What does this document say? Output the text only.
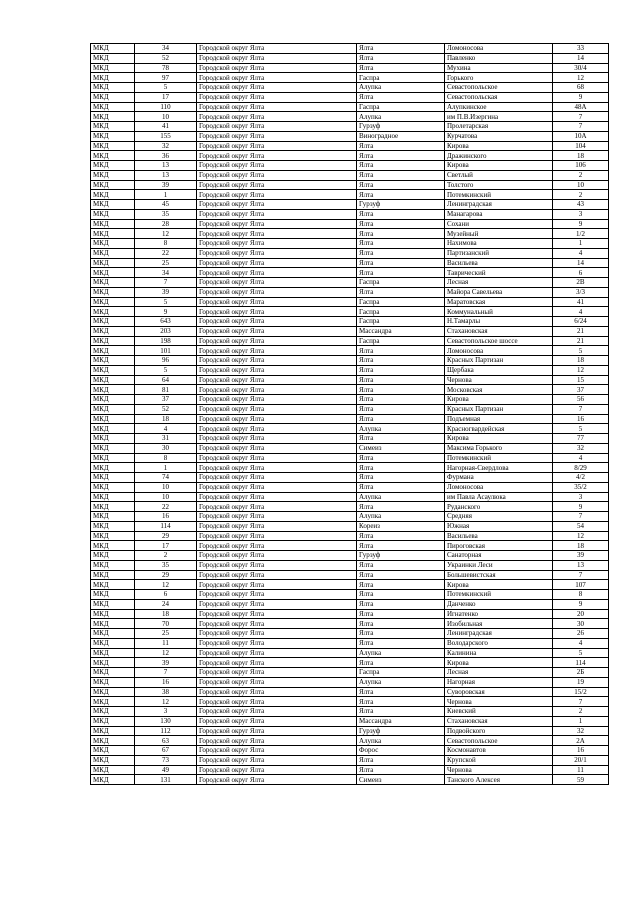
МКД	34	Городской округ Ялта	Ялта	Ломоносова	33
МКД	52	Городской округ Ялта	Ялта	Павленко	14
МКД	78	Городской округ Ялта	Ялта	Мухина	30/4
МКД	97	Городской округ Ялта	Гаспра	Горького	12
МКД	5	Городской округ Ялта	Алупка	Севастопольское	68
МКД	17	Городской округ Ялта	Ялта	Севастопольская	9
МКД	110	Городской округ Ялта	Гаспра	Алупкинское	48А
МКД	10	Городской округ Ялта	Алупка	им П.В.Изергина	7
МКД	41	Городской округ Ялта	Гурзуф	Пролетарская	7
МКД	155	Городской округ Ялта	Виноградное	Курчатова	10А
МКД	32	Городской округ Ялта	Ялта	Кирова	104
МКД	36	Городской округ Ялта	Ялта	Дражинского	18
МКД	13	Городской округ Ялта	Ялта	Кирова	106
МКД	13	Городской округ Ялта	Ялта	Светлый	2
МКД	39	Городской округ Ялта	Ялта	Толстого	10
МКД	1	Городской округ Ялта	Ялта	Потемкинский	2
МКД	45	Городской округ Ялта	Гурзуф	Ленинградская	43
МКД	35	Городской округ Ялта	Ялта	Манагарова	3
МКД	28	Городской округ Ялта	Ялта	Сохани	9
МКД	12	Городской округ Ялта	Ялта	Музейный	1/2
МКД	8	Городской округ Ялта	Ялта	Нахимова	1
МКД	22	Городской округ Ялта	Ялта	Партизанский	4
МКД	25	Городской округ Ялта	Ялта	Васильева	14
МКД	34	Городской округ Ялта	Ялта	Таврический	6
МКД	7	Городской округ Ялта	Гаспра	Лесная	2В
МКД	39	Городской округ Ялта	Ялта	Майора Савельева	3/3
МКД	5	Городской округ Ялта	Гаспра	Маратовская	41
МКД	9	Городской округ Ялта	Гаспра	Коммунальный	4
МКД	643	Городской округ Ялта	Гаспра	Н.Тамарлы	6/24
МКД	203	Городской округ Ялта	Массандра	Стахановская	21
МКД	198	Городской округ Ялта	Гаспра	Севастопольское шоссе	21
МКД	101	Городской округ Ялта	Ялта	Ломоносова	5
МКД	96	Городской округ Ялта	Ялта	Красных Партизан	18
МКД	5	Городской округ Ялта	Ялта	Щербака	12
МКД	64	Городской округ Ялта	Ялта	Чернова	15
МКД	81	Городской округ Ялта	Ялта	Московская	37
МКД	37	Городской округ Ялта	Ялта	Кирова	56
МКД	52	Городской округ Ялта	Ялта	Красных Партизан	7
МКД	18	Городской округ Ялта	Ялта	Подъемная	16
МКД	4	Городской округ Ялта	Алупка	Красногвардейская	5
МКД	31	Городской округ Ялта	Ялта	Кирова	77
МКД	30	Городской округ Ялта	Симеиз	Максима Горького	32
МКД	8	Городской округ Ялта	Ялта	Потемкинский	4
МКД	1	Городской округ Ялта	Ялта	Нагорная-Свердлова	8/29
МКД	74	Городской округ Ялта	Ялта	Фурманa	4/2
МКД	10	Городской округ Ялта	Ялта	Ломоносова	35/2
МКД	10	Городской округ Ялта	Алупка	им Павла Асаулюка	3
МКД	22	Городской округ Ялта	Ялта	Руданского	9
МКД	16	Городской округ Ялта	Алупка	Средняя	7
МКД	114	Городской округ Ялта	Кореиз	Южная	54
МКД	29	Городской округ Ялта	Ялта	Васильева	12
МКД	17	Городской округ Ялта	Ялта	Пироговская	18
МКД	2	Городской округ Ялта	Гурзуф	Санаторная	39
МКД	35	Городской округ Ялта	Ялта	Украинки Леси	13
МКД	29	Городской округ Ялта	Ялта	Большевистская	7
МКД	12	Городской округ Ялта	Ялта	Кирова	107
МКД	6	Городской округ Ялта	Ялта	Потемкинский	8
МКД	24	Городской округ Ялта	Ялта	Данченко	9
МКД	18	Городской округ Ялта	Ялта	Игнатенко	20
МКД	70	Городской округ Ялта	Ялта	Изобильная	30
МКД	25	Городской округ Ялта	Ялта	Ленинградская	26
МКД	11	Городской округ Ялта	Ялта	Володарского	4
МКД	12	Городской округ Ялта	Алупка	Калинина	5
МКД	39	Городской округ Ялта	Ялта	Кирова	114
МКД	7	Городской округ Ялта	Гаспра	Лесная	2Б
МКД	16	Городской округ Ялта	Алупка	Нагорная	19
МКД	38	Городской округ Ялта	Ялта	Суворовская	15/2
МКД	12	Городской округ Ялта	Ялта	Чернова	7
МКД	3	Городской округ Ялта	Ялта	Киевский	2
МКД	130	Городской округ Ялта	Массандра	Стахановская	1
МКД	112	Городской округ Ялта	Гурзуф	Подвойского	32
МКД	63	Городской округ Ялта	Алупка	Севастопольское	2А
МКД	67	Городской округ Ялта	Форос	Космонавтов	16
МКД	73	Городской округ Ялта	Ялта	Крупской	20/1
МКД	49	Городской округ Ялта	Ялта	Чернова	11
МКД	131	Городской округ Ялта	Симеиз	Танского Алексея	59
